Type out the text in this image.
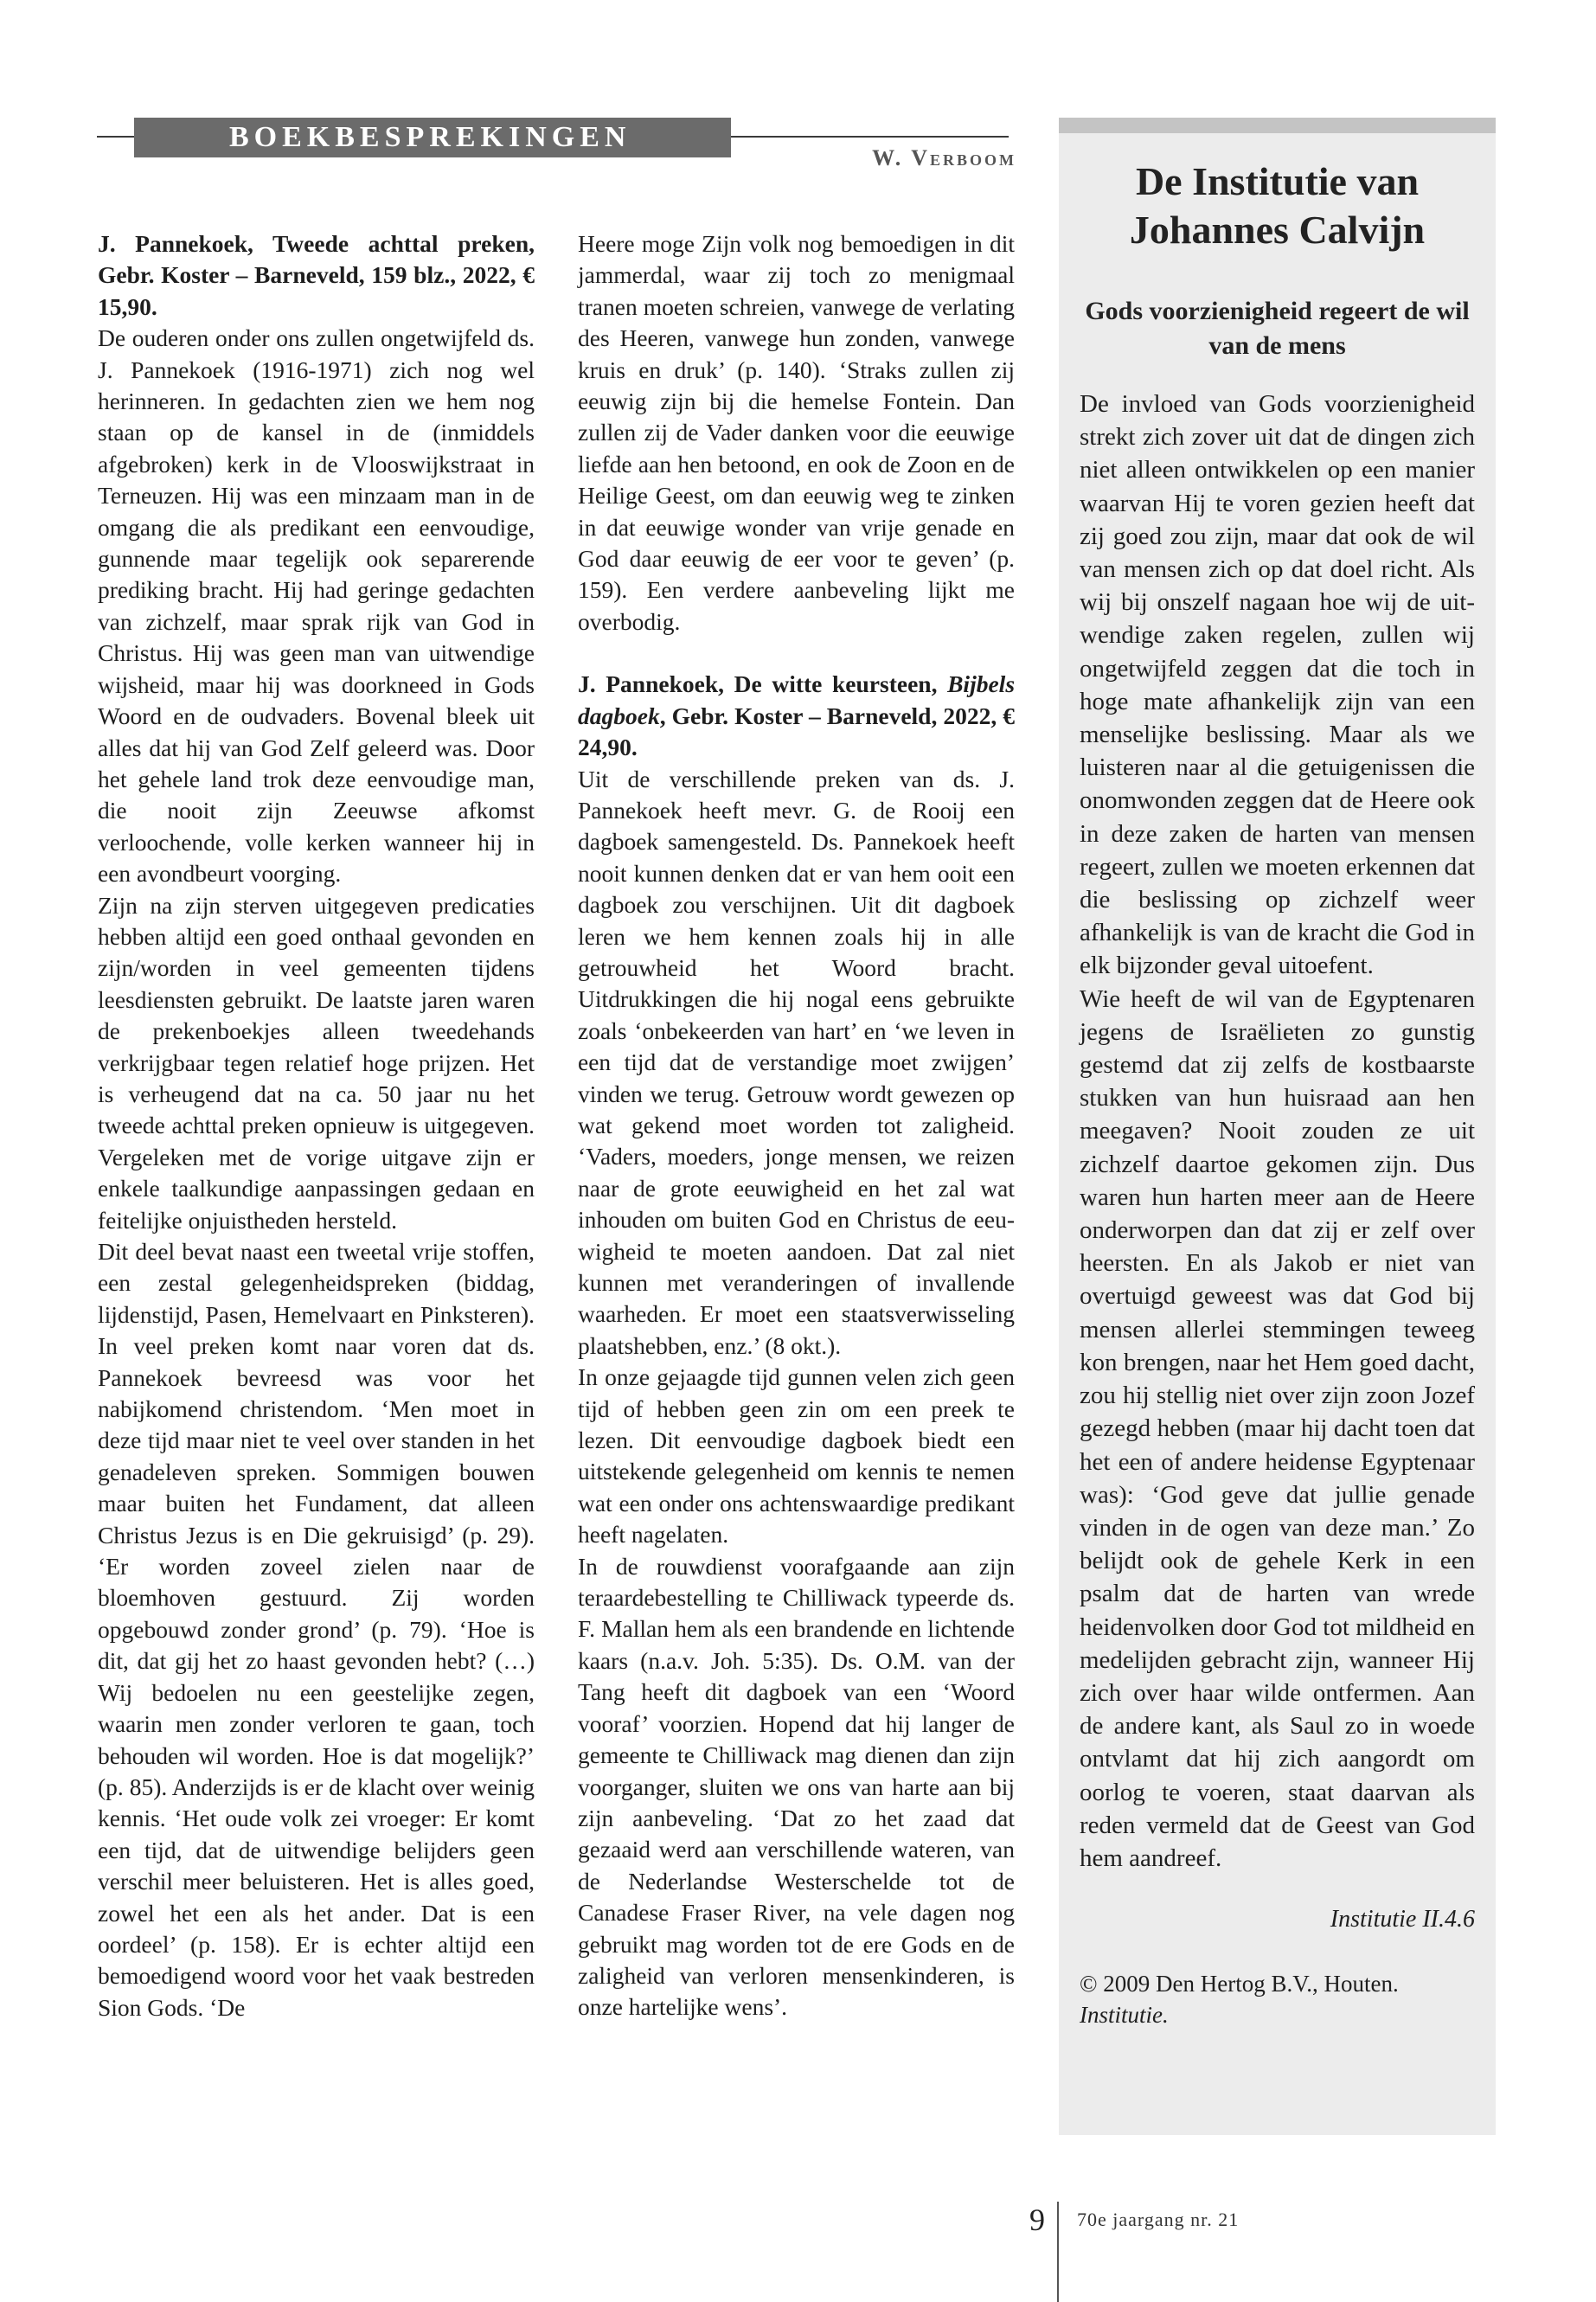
BOEKBESPREKINGEN
W. Verboom

J. Pannekoek, Tweede achttal preken, Gebr. Koster – Barneveld, 159 blz., 2022, € 15,90.

De ouderen onder ons zullen ongetwijfeld ds. J. Pannekoek (1916-1971) zich nog wel herinneren. In gedachten zien we hem nog staan op de kansel in de (inmiddels afgebroken) kerk in de Vlooswijkstraat in Terneuzen. Hij was een minzaam man in de omgang die als predikant een eenvoudige, gunnende maar tegelijk ook separerende prediking bracht. Hij had geringe gedachten van zichzelf, maar sprak rijk van God in Christus. Hij was geen man van uitwendige wijsheid, maar hij was doorkneed in Gods Woord en de oudvaders. Bovenal bleek uit alles dat hij van God Zelf geleerd was. Door het gehele land trok deze eenvoudige man, die nooit zijn Zeeuwse afkomst verloochende, volle kerken wanneer hij in een avondbeurt voorging.

Zijn na zijn sterven uitgegeven predicaties hebben altijd een goed onthaal gevonden en zijn/worden in veel gemeenten tijdens leesdiensten gebruikt. De laatste jaren waren de prekenboekjes alleen tweedehands verkrijgbaar tegen relatief hoge prijzen. Het is verheugend dat na ca. 50 jaar nu het tweede achttal preken opnieuw is uitgegeven. Vergeleken met de vorige uitgave zijn er enkele taalkundige aanpassingen gedaan en feitelijke onjuistheden hersteld.

Dit deel bevat naast een tweetal vrije stoffen, een zestal gelegenheidspreken (biddag, lijdenstijd, Pasen, Hemelvaart en Pinksteren). In veel preken komt naar voren dat ds. Pannekoek bevreesd was voor het nabijkomend christendom. ‘Men moet in deze tijd maar niet te veel over standen in het genadeleven spreken. Sommigen bouwen maar buiten het Fundament, dat alleen Christus Jezus is en Die gekruisigd’ (p. 29). ‘Er worden zoveel zielen naar de bloemhoven gestuurd. Zij worden opgebouwd zonder grond’ (p. 79). ‘Hoe is dit, dat gij het zo haast gevonden hebt? (…) Wij bedoelen nu een geestelijke zegen, waarin men zonder verloren te gaan, toch behouden wil worden. Hoe is dat mogelijk?’ (p. 85). Anderzijds is er de klacht over weinig kennis. ‘Het oude volk zei vroeger: Er komt een tijd, dat de uitwendige belijders geen verschil meer beluisteren. Het is alles goed, zowel het een als het ander. Dat is een oordeel’ (p. 158). Er is echter altijd een bemoedigend woord voor het vaak bestreden Sion Gods. ‘De

Heere moge Zijn volk nog bemoedigen in dit jammerdal, waar zij toch zo menigmaal tranen moeten schreien, vanwege de verlating des Heeren, vanwege hun zonden, vanwege kruis en druk’ (p. 140). ‘Straks zullen zij eeuwig zijn bij die hemelse Fontein. Dan zullen zij de Vader danken voor die eeuwige liefde aan hen betoond, en ook de Zoon en de Heilige Geest, om dan eeuwig weg te zinken in dat eeuwige wonder van vrije genade en God daar eeuwig de eer voor te geven’ (p. 159). Een verdere aanbeveling lijkt me overbodig.

J. Pannekoek, De witte keursteen, Bijbels dagboek, Gebr. Koster – Barneveld, 2022, € 24,90.

Uit de verschillende preken van ds. J. Pannekoek heeft mevr. G. de Rooij een dagboek samengesteld. Ds. Pannekoek heeft nooit kunnen denken dat er van hem ooit een dagboek zou verschijnen. Uit dit dagboek leren we hem kennen zoals hij in alle getrouwheid het Woord bracht. Uitdrukkingen die hij nogal eens gebruikte zoals ‘onbekeerden van hart’ en ‘we leven in een tijd dat de verstandige moet zwijgen’ vinden we terug. Getrouw wordt gewezen op wat gekend moet worden tot zaligheid. ‘Vaders, moeders, jonge mensen, we reizen naar de grote eeuwigheid en het zal wat inhouden om buiten God en Christus de eeuwigheid te moeten aandoen. Dat zal niet kunnen met veranderingen of invallende waarheden. Er moet een staatsverwisseling plaatshebben, enz.’ (8 okt.).

In onze gejaagde tijd gunnen velen zich geen tijd of hebben geen zin om een preek te lezen. Dit eenvoudige dagboek biedt een uitstekende gelegenheid om kennis te nemen wat een onder ons achtenswaardige predikant heeft nagelaten.

In de rouwdienst voorafgaande aan zijn teraardebestelling te Chilliwack typeerde ds. F. Mallan hem als een brandende en lichtende kaars (n.a.v. Joh. 5:35). Ds. O.M. van der Tang heeft dit dagboek van een ‘Woord vooraf’ voorzien. Hopend dat hij langer de gemeente te Chilliwack mag dienen dan zijn voorganger, sluiten we ons van harte aan bij zijn aanbeveling. ‘Dat zo het zaad dat gezaaid werd aan verschillende wateren, van de Nederlandse Westerschelde tot de Canadese Fraser River, na vele dagen nog gebruikt mag worden tot de ere Gods en de zaligheid van verloren mensenkinderen, is onze hartelijke wens’.

De Institutie van Johannes Calvijn
Gods voorzienigheid regeert de wil van de mens

De invloed van Gods voorzienigheid strekt zich zover uit dat de dingen zich niet alleen ontwikkelen op een manier waarvan Hij te voren gezien heeft dat zij goed zou zijn, maar dat ook de wil van mensen zich op dat doel richt. Als wij bij onszelf nagaan hoe wij de uitwendige zaken regelen, zullen wij ongetwijfeld zeggen dat die toch in hoge mate afhankelijk zijn van een menselijke beslissing. Maar als we luisteren naar al die getuigenissen die onomwonden zeggen dat de Heere ook in deze zaken de harten van mensen regeert, zullen we moeten erkennen dat die beslissing op zichzelf weer afhankelijk is van de kracht die God in elk bijzonder geval uitoefent.

Wie heeft de wil van de Egyptenaren jegens de Israëlieten zo gunstig gestemd dat zij zelfs de kostbaarste stukken van hun huisraad aan hen meegaven? Nooit zouden ze uit zichzelf daartoe gekomen zijn. Dus waren hun harten meer aan de Heere onderworpen dan dat zij er zelf over heersten. En als Jakob er niet van overtuigd geweest was dat God bij mensen allerlei stemmingen teweeg kon brengen, naar het Hem goed dacht, zou hij stellig niet over zijn zoon Jozef gezegd hebben (maar hij dacht toen dat het een of andere heidense Egyptenaar was): ‘God geve dat jullie genade vinden in de ogen van deze man.’ Zo belijdt ook de gehele Kerk in een psalm dat de harten van wrede heidenvolken door God tot mildheid en medelijden gebracht zijn, wanneer Hij zich over haar wilde ontfermen. Aan de andere kant, als Saul zo in woede ontvlamt dat hij zich aangordt om oorlog te voeren, staat daarvan als reden vermeld dat de Geest van God hem aandreef.

Institutie II.4.6
© 2009 Den Hertog B.V., Houten.
Institutie.
9 70e jaargang nr. 21
